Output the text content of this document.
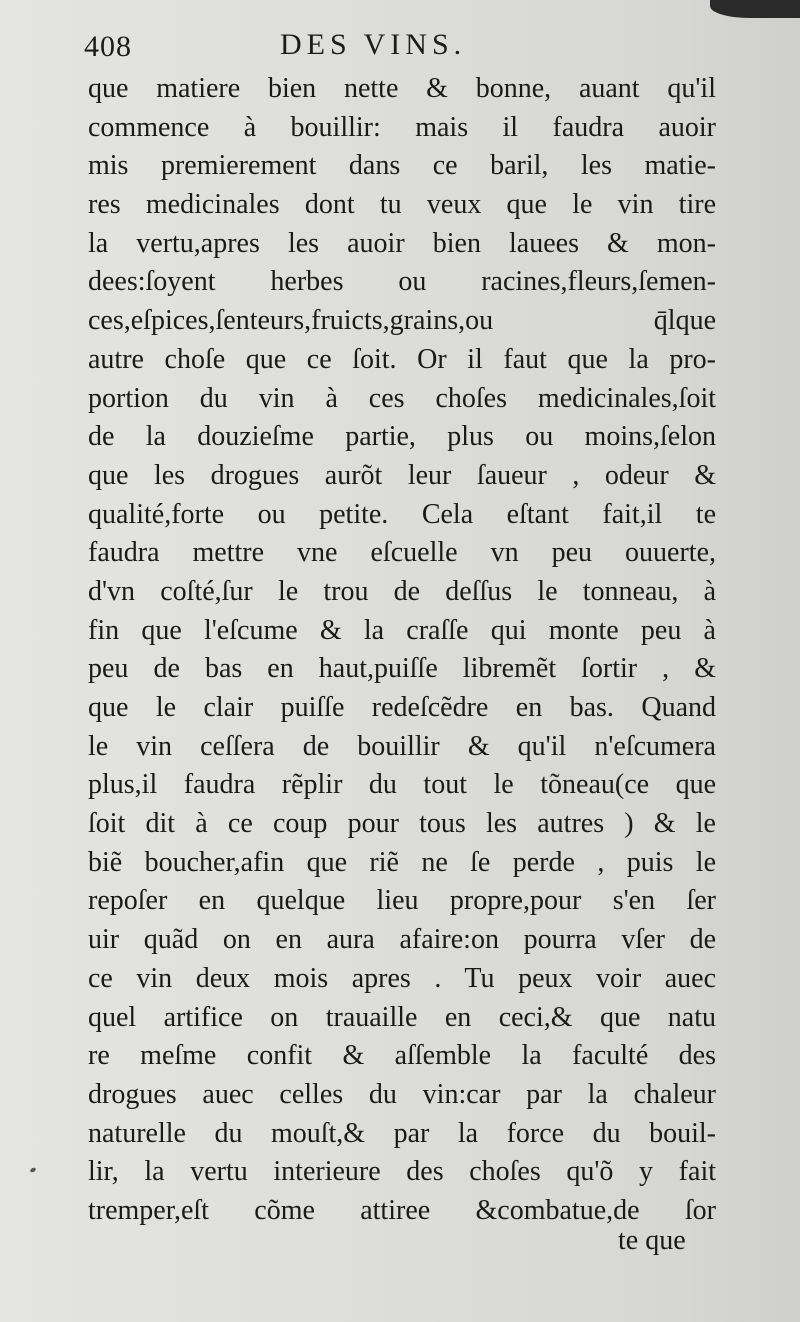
408	DES VINS.
que matiere bien nette & bonne, auant qu'il
commence à bouillir: mais il faudra auoir
mis premierement dans ce baril, les matie-
res medicinales dont tu veux que le vin tire
la vertu,apres les auoir bien lauees & mon-
dees:ſoyent herbes ou racines,fleurs,ſemen-
ces,eſpices,ſenteurs,fruicts,grains,ou q̄lque
autre choſe que ce ſoit. Or il faut que la pro-
portion du vin à ces choſes medicinales,ſoit
de la douzieſme partie, plus ou moins,ſelon
que les drogues aurõt leur ſaueur , odeur &
qualité,forte ou petite. Cela eſtant fait,il te
faudra mettre vne eſcuelle vn peu ouuerte,
d'vn coſté,ſur le trou de deſſus le tonneau, à
fin que l'eſcume & la craſſe qui monte peu à
peu de bas en haut,puiſſe libremẽt ſortir , &
que le clair puiſſe redeſcẽdre en bas. Quand
le vin ceſſera de bouillir & qu'il n'eſcumera
plus,il faudra rẽplir du tout le tõneau(ce que
ſoit dit à ce coup pour tous les autres ) & le
biẽ boucher,afin que riẽ ne ſe perde , puis le
repoſer en quelque lieu propre,pour s'en ſer
uir quãd on en aura afaire:on pourra vſer de
ce vin deux mois apres . Tu peux voir auec
quel artifice on trauaille en ceci,& que natu
re meſme confit & aſſemble la faculté des
drogues auec celles du vin:car par la chaleur
naturelle du mouſt,& par la force du bouil-
lir, la vertu interieure des choſes qu'õ y fait
tremper,eſt cõme attiree &combatue,de ſor
te que
